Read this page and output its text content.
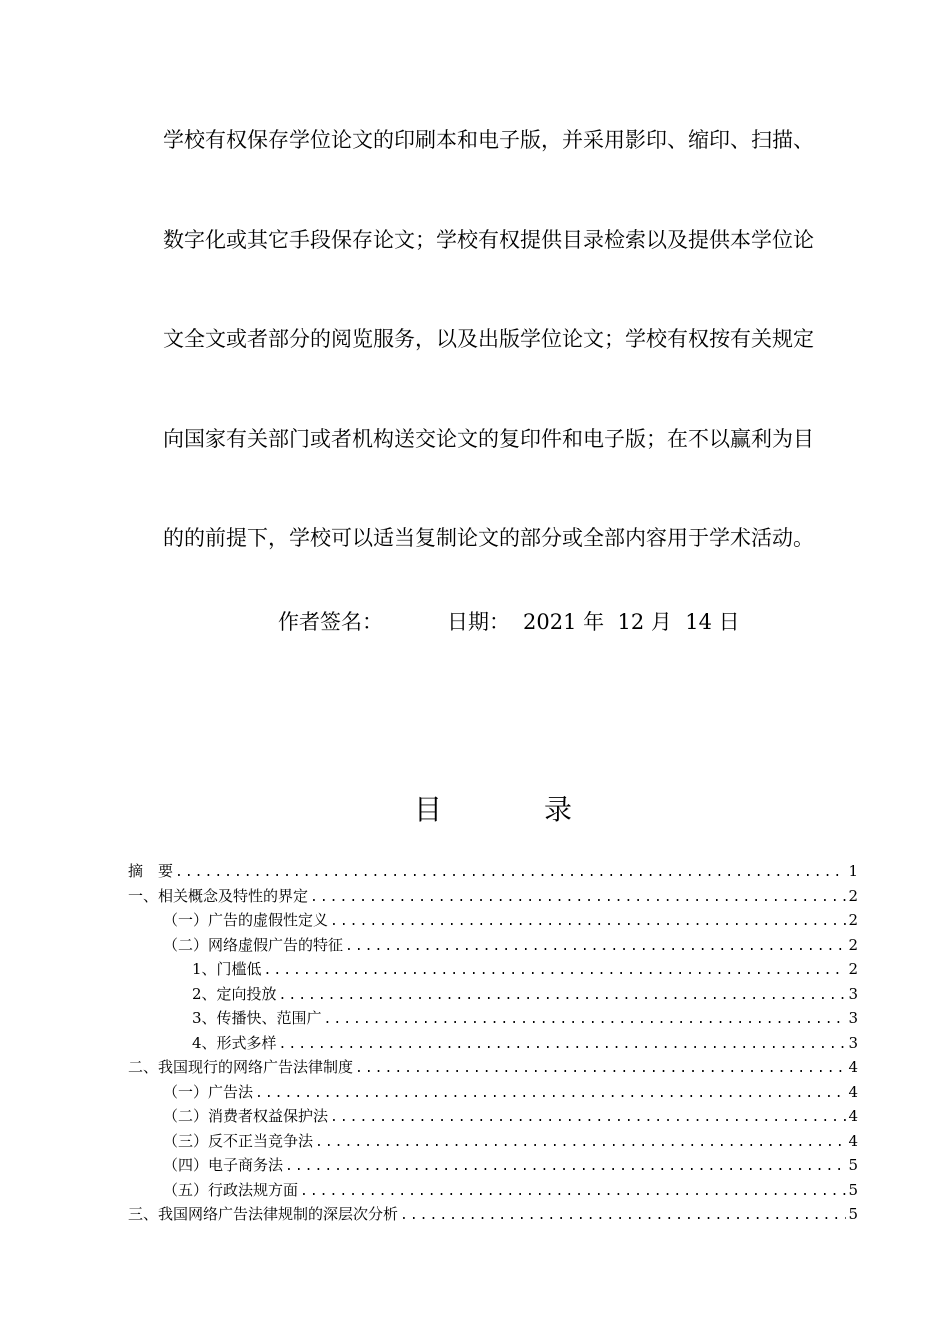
学校有权保存学位论文的印刷本和电子版，并采用影印、缩印、扫描、
数字化或其它手段保存论文；学校有权提供目录检索以及提供本学位论
文全文或者部分的阅览服务，以及出版学位论文；学校有权按有关规定
向国家有关部门或者机构送交论文的复印件和电子版；在不以赢利为目
的的前提下，学校可以适当复制论文的部分或全部内容用于学术活动。
作者签名：	日期： 2021 年  12 月  14 日
目	录
摘　要 .....	1
一、相关概念及特性的界定 .....	2
（一）广告的虚假性定义 .....	2
（二）网络虚假广告的特征 .....	2
1、门槛低 .....	2
2、定向投放 .....	3
3、传播快、范围广 .....	3
4、形式多样 .....	3
二、我国现行的网络广告法律制度 .....	4
（一）广告法 .....	4
（二）消费者权益保护法 .....	4
（三）反不正当竞争法 .....	4
（四）电子商务法 .....	5
（五）行政法规方面 .....	5
三、我国网络广告法律规制的深层次分析 .....	5
